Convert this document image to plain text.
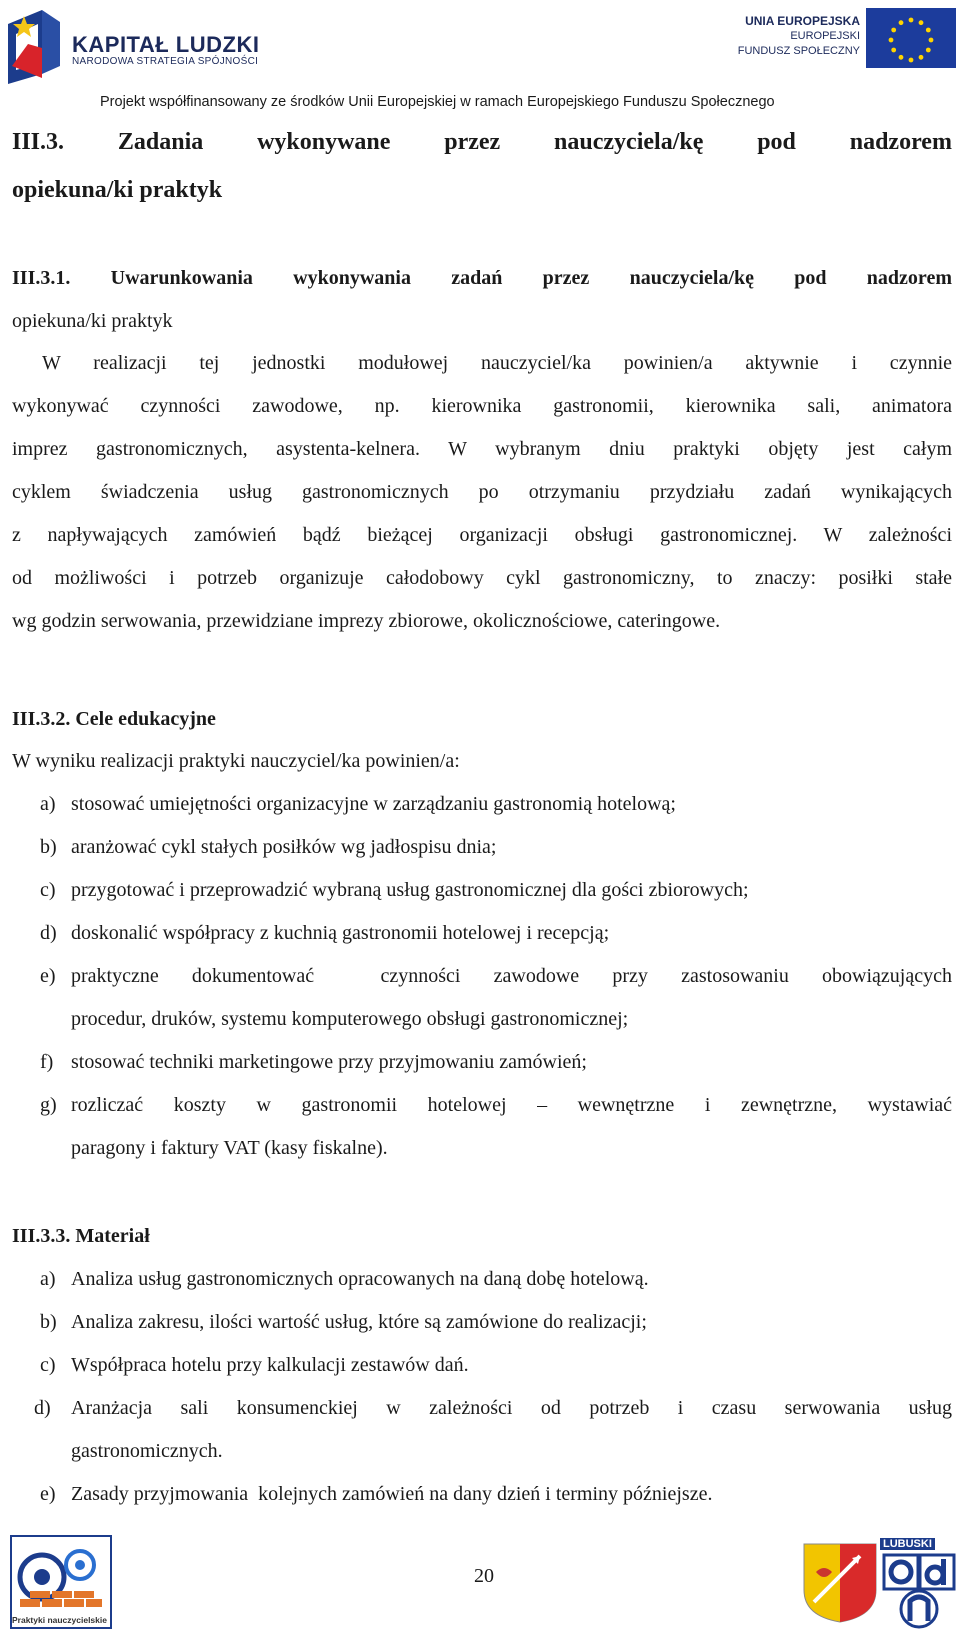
KAPITAŁ LUDZKI
NARODOWA STRATEGIA SPÓJNOŚCI
UNIA EUROPEJSKA
EUROPEJSKI
FUNDUSZ SPOŁECZNY
Projekt współfinansowany ze środków Unii Europejskiej w ramach Europejskiego Funduszu Społecznego
III.3. Zadania wykonywane przez nauczyciela/kę pod nadzorem
opiekuna/ki praktyk
III.3.1. Uwarunkowania wykonywania zadań przez nauczyciela/kę pod nadzorem
opiekuna/ki praktyk
W realizacji tej jednostki modułowej nauczyciel/ka powinien/a aktywnie i czynnie
wykonywać czynności zawodowe, np. kierownika gastronomii, kierownika sali, animatora
imprez gastronomicznych, asystenta-kelnera. W wybranym dniu praktyki objęty jest całym
cyklem świadczenia usług gastronomicznych po otrzymaniu przydziału zadań wynikających
z napływających zamówień bądź bieżącej organizacji obsługi gastronomicznej. W zależności
od możliwości i potrzeb organizuje całodobowy cykl gastronomiczny, to znaczy: posiłki stałe
wg godzin serwowania, przewidziane imprezy zbiorowe, okolicznościowe, cateringowe.
III.3.2. Cele edukacyjne
W wyniku realizacji praktyki nauczyciel/ka powinien/a:
a) stosować umiejętności organizacyjne w zarządzaniu gastronomią hotelową;
b) aranżować cykl stałych posiłków wg jadłospisu dnia;
c) przygotować i przeprowadzić wybraną usług gastronomicznej dla gości zbiorowych;
d) doskonalić współpracy z kuchnią gastronomii hotelowej i recepcją;
e) praktyczne dokumentować  czynności zawodowe przy zastosowaniu obowiązujących
procedur, druków, systemu komputerowego obsługi gastronomicznej;
f) stosować techniki marketingowe przy przyjmowaniu zamówień;
g) rozliczać koszty w gastronomii hotelowej – wewnętrzne i zewnętrzne, wystawiać
paragony i faktury VAT (kasy fiskalne).
III.3.3. Materiał
a) Analiza usług gastronomicznych opracowanych na daną dobę hotelową.
b) Analiza zakresu, ilości wartość usług, które są zamówione do realizacji;
c) Współpraca hotelu przy kalkulacji zestawów dań.
d) Aranżacja sali konsumenckiej w zależności od potrzeb i czasu serwowania usług
gastronomicznych.
e) Zasady przyjmowania  kolejnych zamówień na dany dzień i terminy późniejsze.
Praktyki nauczycielskie
20
LUBUSKI
